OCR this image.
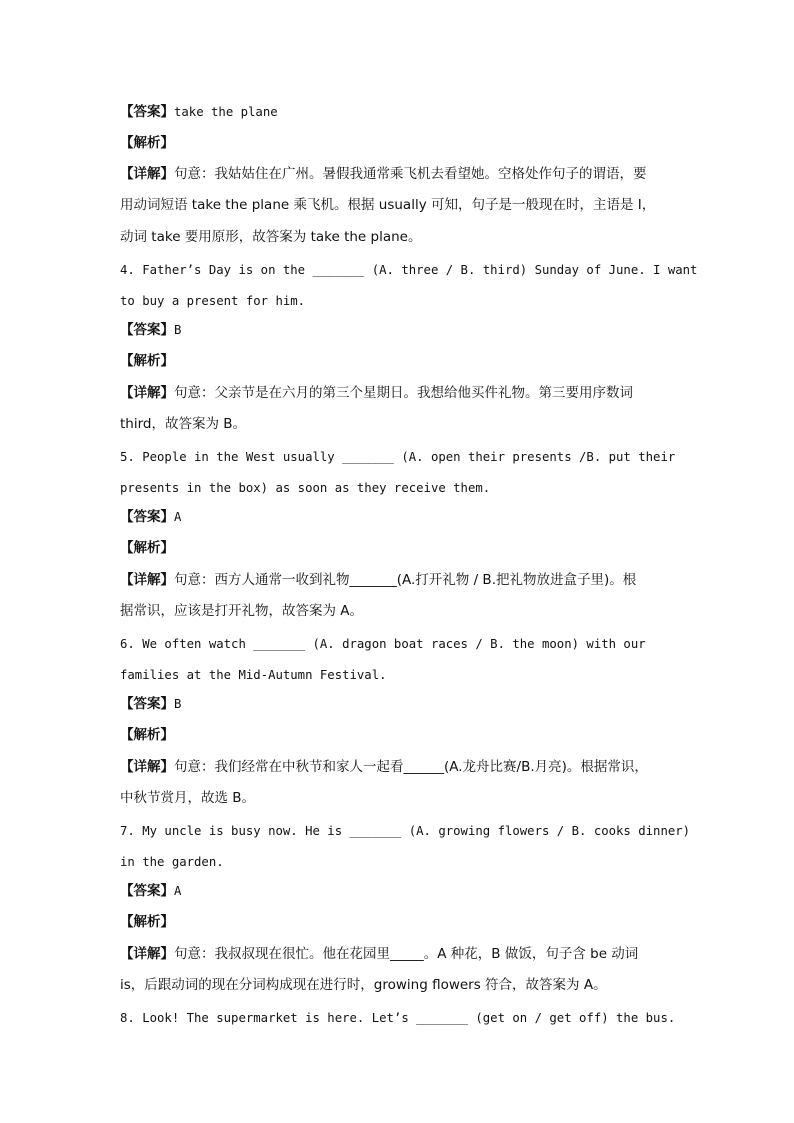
【答案】take the plane
【解析】
【详解】句意：我姑姑住在广州。暑假我通常乘飞机去看望她。空格处作句子的谓语，要
用动词短语 take the plane 乘飞机。根据 usually 可知，句子是一般现在时，主语是 I，
动词 take 要用原形，故答案为 take the plane。
4. Father’s Day is on the _______ (A. three / B. third) Sunday of June. I want
to buy a present for him.
【答案】B
【解析】
【详解】句意：父亲节是在六月的第三个星期日。我想给他买件礼物。第三要用序数词
third，故答案为 B。
5. People in the West usually _______ (A. open their presents /B. put their
presents in the box) as soon as they receive them.
【答案】A
【解析】
【详解】句意：西方人通常一收到礼物_______(A.打开礼物 / B.把礼物放进盒子里)。根
据常识，应该是打开礼物，故答案为 A。
6. We often watch _______ (A. dragon boat races / B. the moon) with our
families at the Mid-Autumn Festival.
【答案】B
【解析】
【详解】句意：我们经常在中秋节和家人一起看______(A.龙舟比赛/B.月亮)。根据常识，
中秋节赏月，故选 B。
7. My uncle is busy now. He is _______ (A. growing flowers / B. cooks dinner)
in the garden.
【答案】A
【解析】
【详解】句意：我叔叔现在很忙。他在花园里_____。A 种花，B 做饭，句子含 be 动词
is，后跟动词的现在分词构成现在进行时，growing flowers 符合，故答案为 A。
8. Look! The supermarket is here. Let’s _______ (get on / get off) the bus.
